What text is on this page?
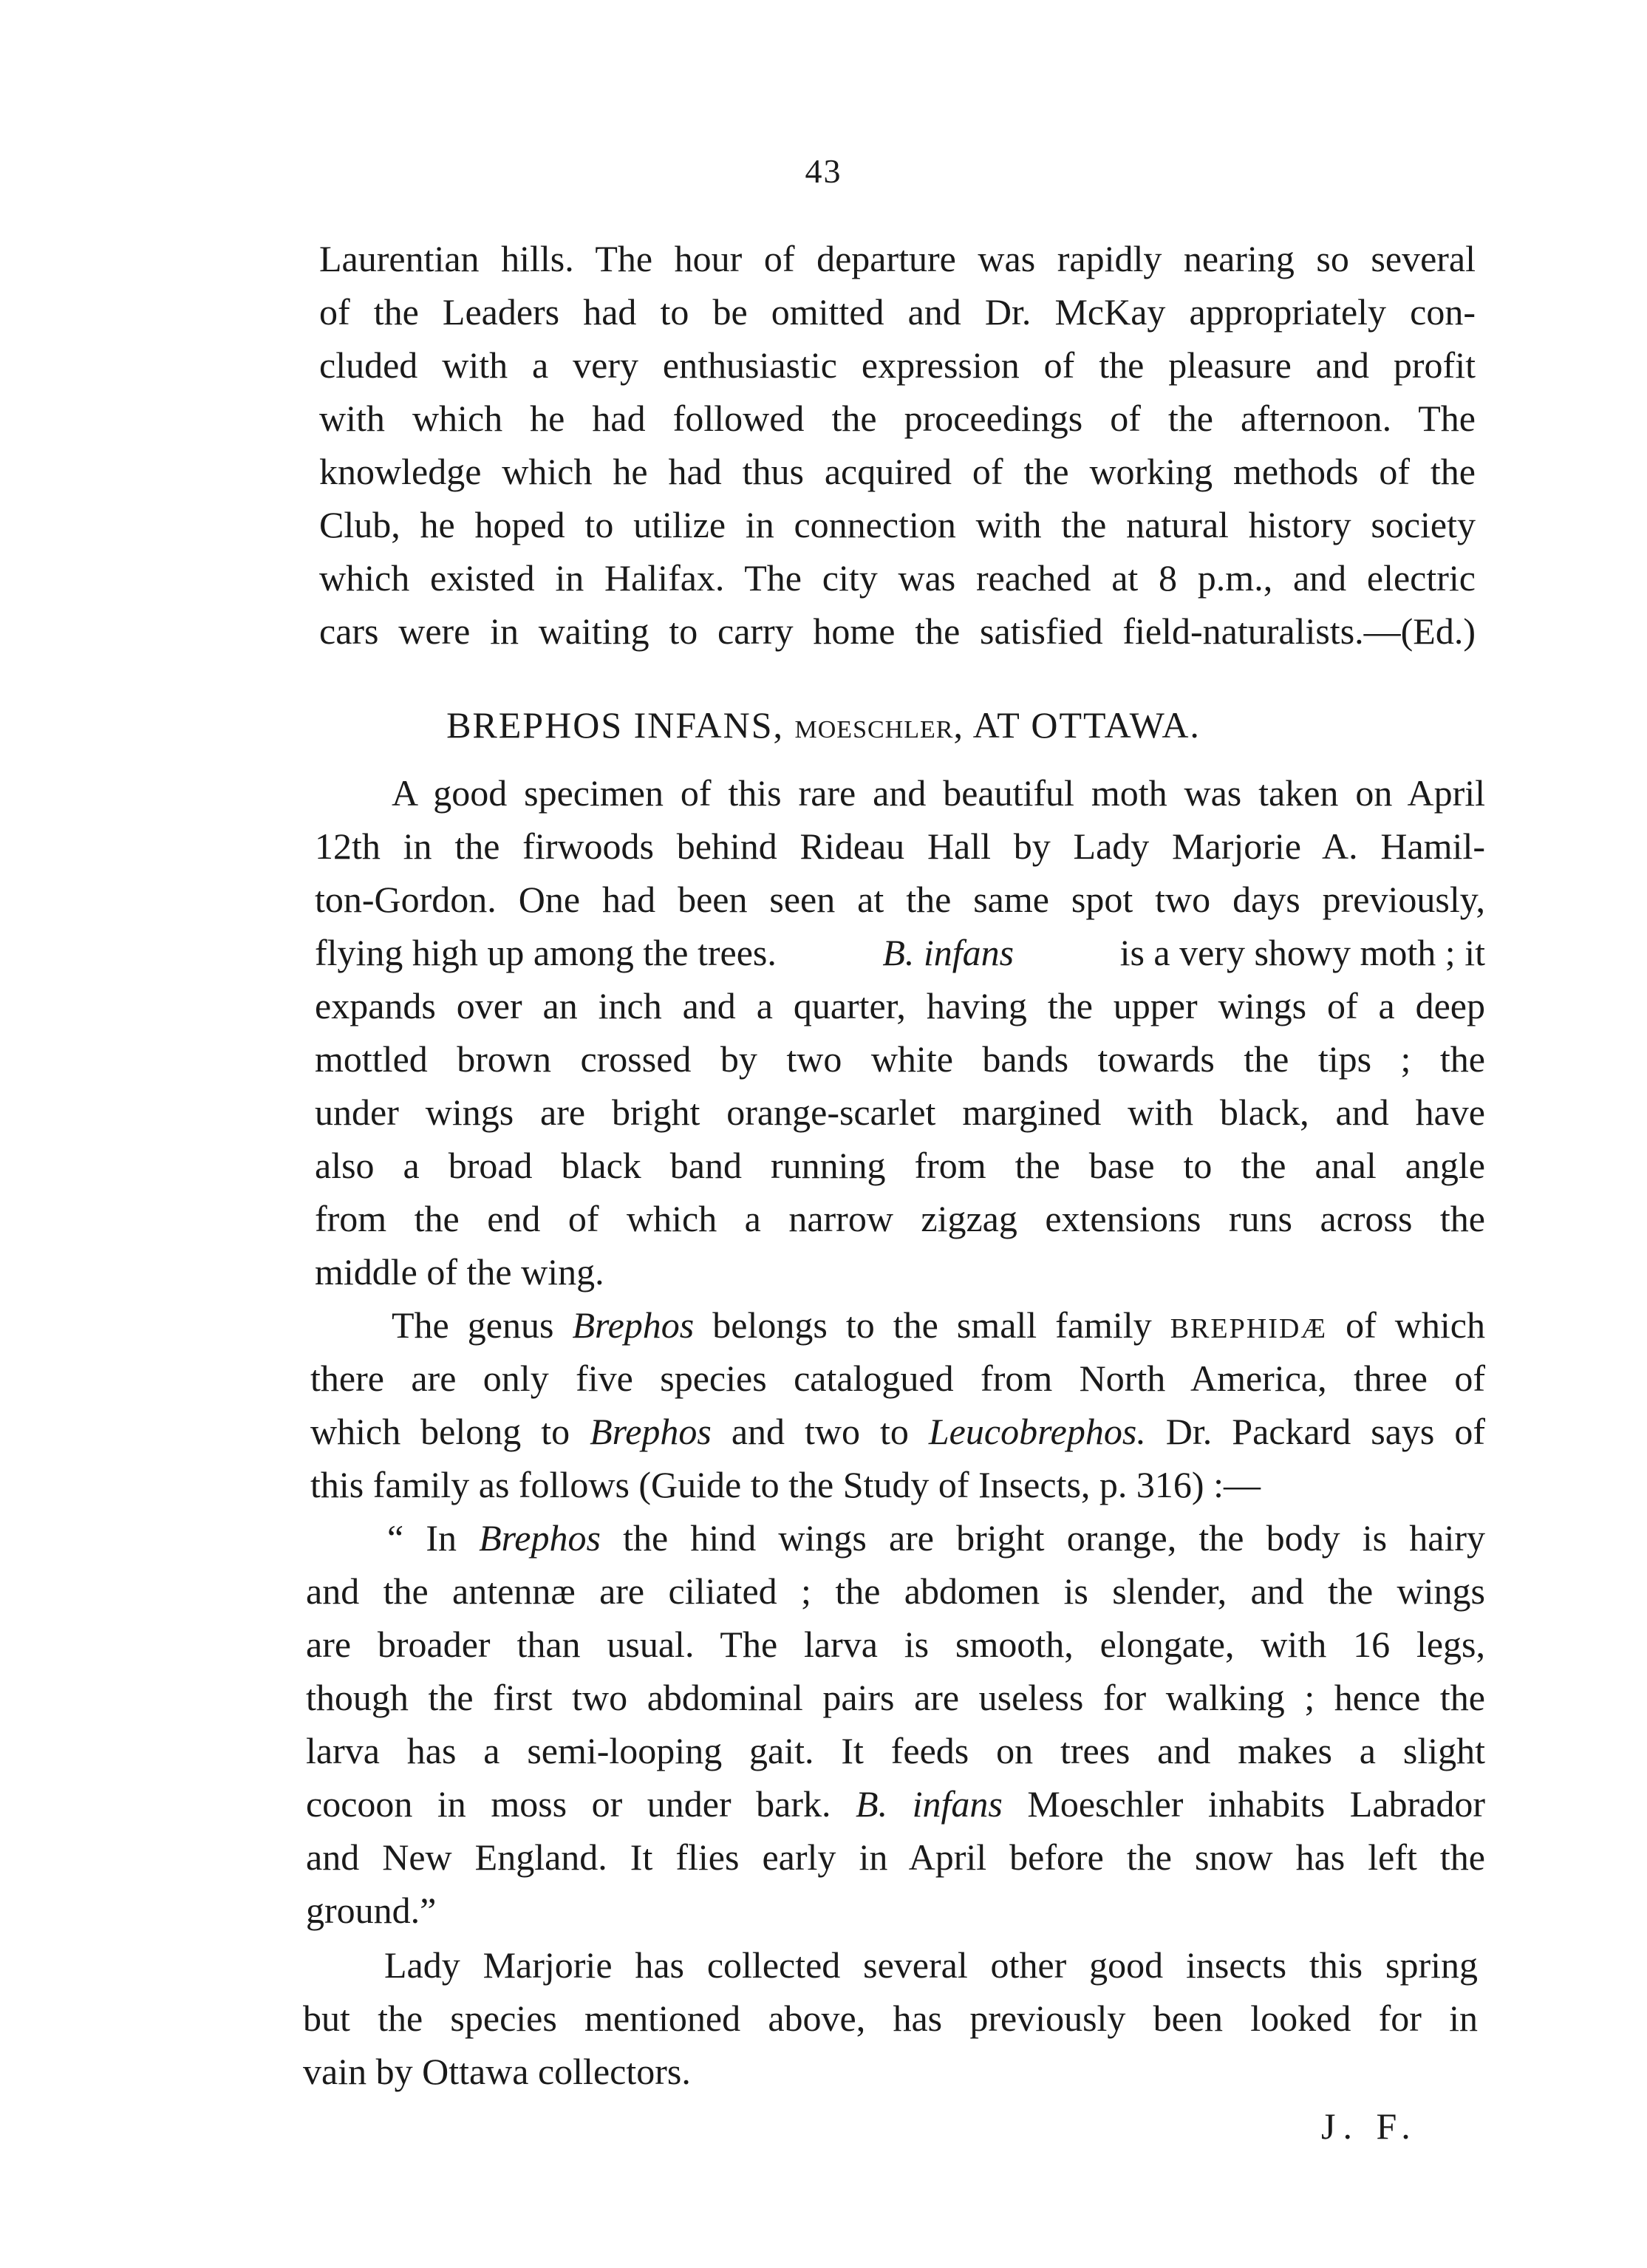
43
Laurentian hills. The hour of departure was rapidly nearing so several
of the Leaders had to be omitted and Dr. McKay appropriately con-
cluded with a very enthusiastic expression of the pleasure and profit
with which he had followed the proceedings of the afternoon. The
knowledge which he had thus acquired of the working methods of the
Club, he hoped to utilize in connection with the natural history society
which existed in Halifax. The city was reached at 8 p.m., and electric
cars were in waiting to carry home the satisfied field-naturalists.—(Ed.)
BREPHOS INFANS, MOESCHLER, AT OTTAWA.
A good specimen of this rare and beautiful moth was taken on April
12th in the firwoods behind Rideau Hall by Lady Marjorie A. Hamil-
ton-Gordon. One had been seen at the same spot two days previously,
flying high up among the trees.	B. infans	is a very showy moth ; it
expands over an inch and a quarter, having the upper wings of a deep
mottled brown crossed by two white bands towards the tips ; the
under wings are bright orange-scarlet margined with black, and have
also a broad black band running from the base to the anal angle
from the end of which a narrow zigzag extensions runs across the
middle of the wing.
The genus Brephos belongs to the small family BREPHIDÆ of which
there are only five species catalogued from North America, three of
which belong to Brephos and two to Leucobrephos. Dr. Packard says of
this family as follows (Guide to the Study of Insects, p. 316) :—
“ In Brephos the hind wings are bright orange, the body is hairy
and the antennæ are ciliated ; the abdomen is slender, and the wings
are broader than usual. The larva is smooth, elongate, with 16 legs,
though the first two abdominal pairs are useless for walking ; hence the
larva has a semi-looping gait. It feeds on trees and makes a slight
cocoon in moss or under bark. B. infans Moeschler inhabits Labrador
and New England. It flies early in April before the snow has left the
ground.”
Lady Marjorie has collected several other good insects this spring
but the species mentioned above, has previously been looked for in
vain by Ottawa collectors.
J. F.
